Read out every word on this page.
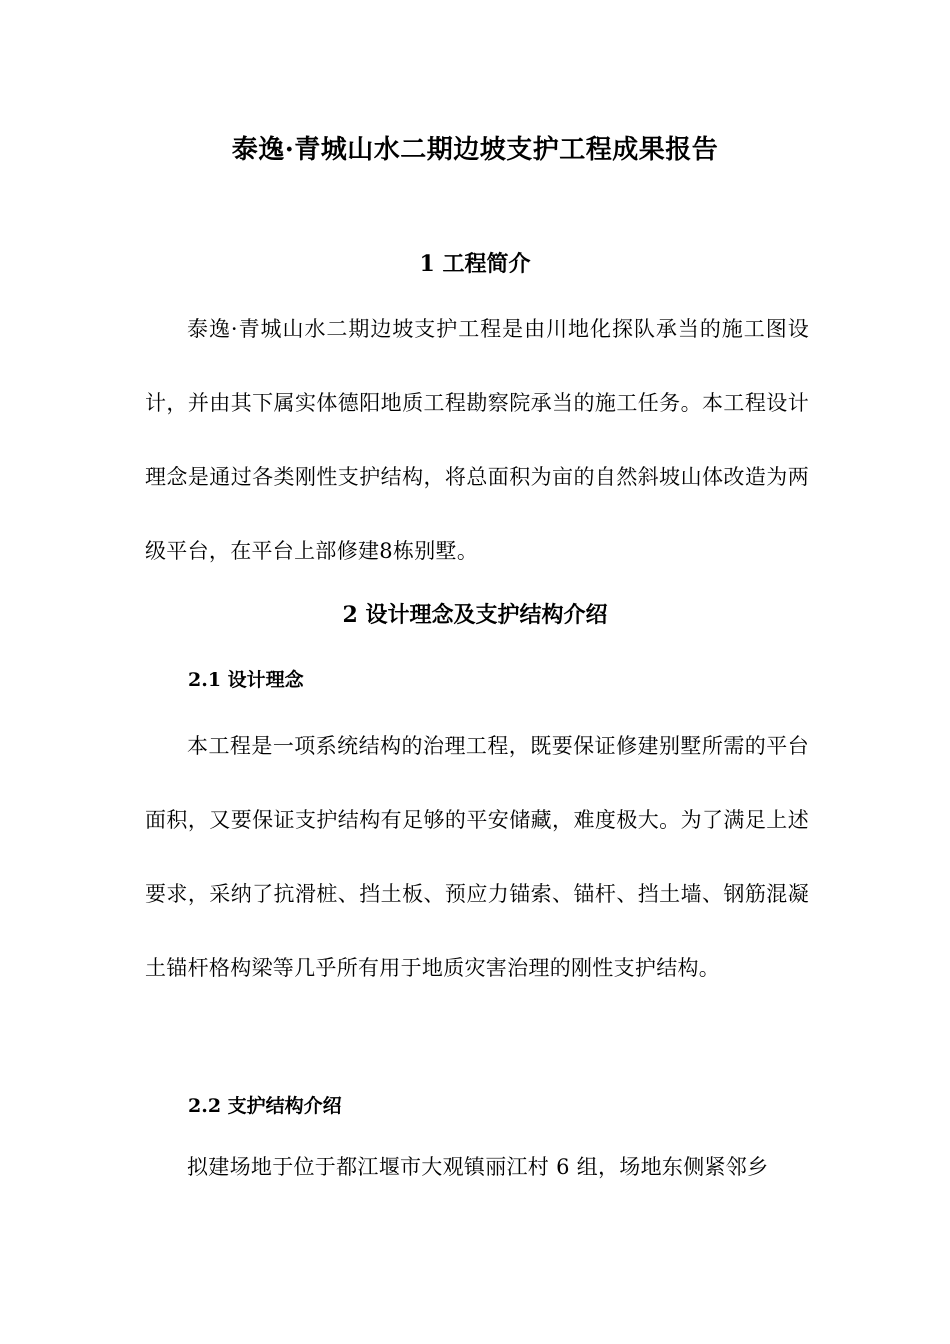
泰逸·青城山水二期边坡支护工程成果报告
1 工程简介

泰逸·青城山水二期边坡支护工程是由川地化探队承当的施工图设计，并由其下属实体德阳地质工程勘察院承当的施工任务。本工程设计理念是通过各类刚性支护结构，将总面积为亩的自然斜坡山体改造为两级平台，在平台上部修建8栋别墅。

2 设计理念及支护结构介绍
2.1 设计理念

本工程是一项系统结构的治理工程，既要保证修建别墅所需的平台面积，又要保证支护结构有足够的平安储藏，难度极大。为了满足上述要求，采纳了抗滑桩、挡土板、预应力锚索、锚杆、挡土墙、钢筋混凝土锚杆格构梁等几乎所有用于地质灾害治理的刚性支护结构。

2.2 支护结构介绍

拟建场地于位于都江堰市大观镇丽江村 6 组，场地东侧紧邻乡
